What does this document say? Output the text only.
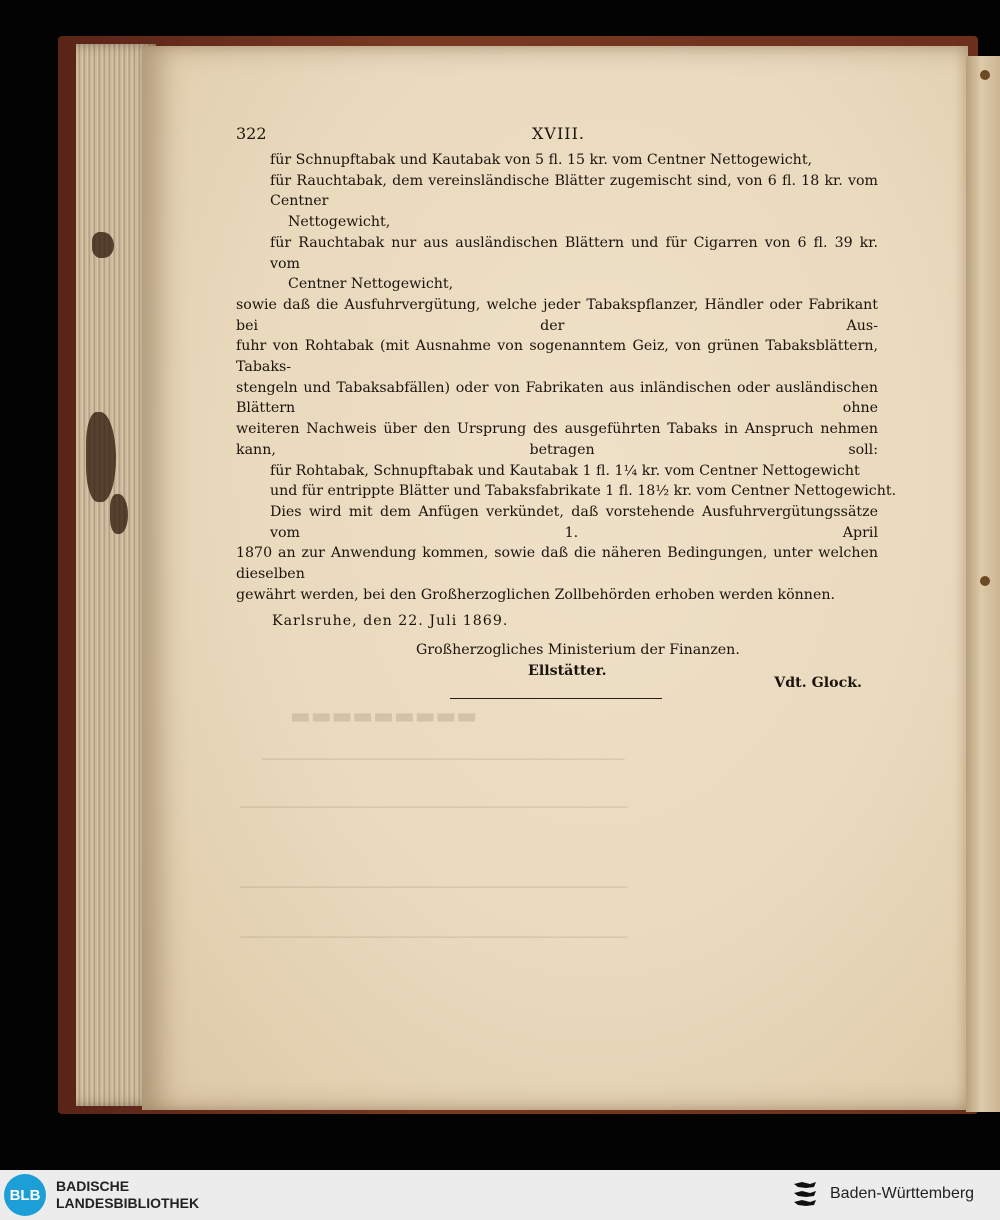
▬▬▬▬▬▬▬▬▬
───────────────────────────────────────────
──────────────────────────────────────────────
──────────────────────────────────────────────
──────────────────────────────────────────────
322	XVIII.
für Schnupftabak und Kautabak von 5 fl. 15 kr. vom Centner Nettogewicht,
für Rauchtabak, dem vereinsländische Blätter zugemischt sind, von 6 fl. 18 kr. vom Centner
Nettogewicht,
für Rauchtabak nur aus ausländischen Blättern und für Cigarren von 6 fl. 39 kr. vom
Centner Nettogewicht,
sowie daß die Ausfuhrvergütung, welche jeder Tabakspflanzer, Händler oder Fabrikant bei der Aus-
fuhr von Rohtabak (mit Ausnahme von sogenanntem Geiz, von grünen Tabaksblättern, Tabaks-
stengeln und Tabaksabfällen) oder von Fabrikaten aus inländischen oder ausländischen Blättern ohne
weiteren Nachweis über den Ursprung des ausgeführten Tabaks in Anspruch nehmen kann, betragen soll:
für Rohtabak, Schnupftabak und Kautabak 1 fl. 1¼ kr. vom Centner Nettogewicht
und für entrippte Blätter und Tabaksfabrikate 1 fl. 18½ kr. vom Centner Nettogewicht.
Dies wird mit dem Anfügen verkündet, daß vorstehende Ausfuhrvergütungssätze vom 1. April
1870 an zur Anwendung kommen, sowie daß die näheren Bedingungen, unter welchen dieselben
gewährt werden, bei den Großherzoglichen Zollbehörden erhoben werden können.
Karlsruhe, den 22. Juli 1869.
Großherzogliches Ministerium der Finanzen.
Ellstätter.
Vdt. Glock.
BLB
BADISCHE
LANDESBIBLIOTHEK
Baden-Württemberg
